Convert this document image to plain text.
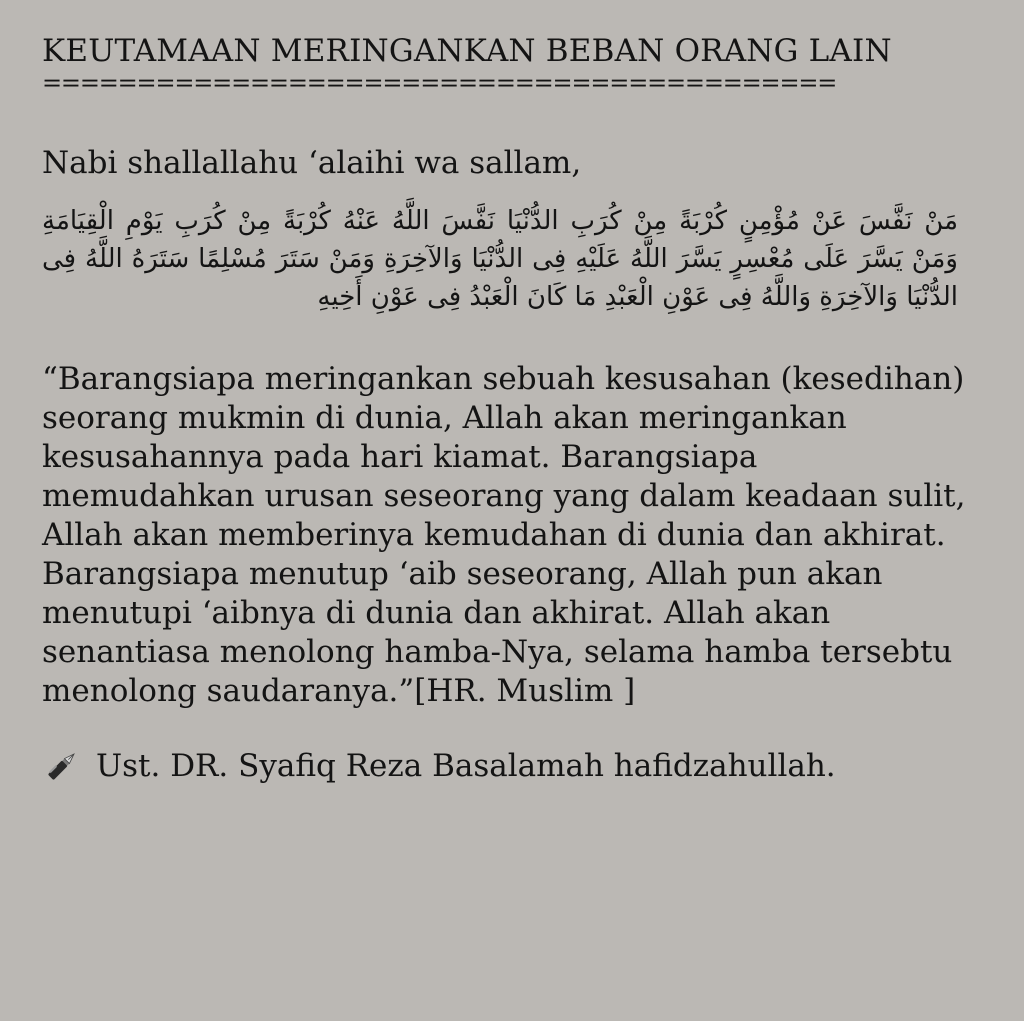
KEUTAMAAN MERINGANKAN BEBAN ORANG LAIN
==========================================
Nabi shallallahu ‘alaihi wa sallam,
مَنْ نَفَّسَ عَنْ مُؤْمِنٍ كُرْبَةً مِنْ كُرَبِ الدُّنْيَا نَفَّسَ اللَّهُ عَنْهُ كُرْبَةً مِنْ كُرَبِ يَوْمِ الْقِيَامَةِ وَمَنْ يَسَّرَ عَلَى مُعْسِرٍ يَسَّرَ اللَّهُ عَلَيْهِ فِى الدُّنْيَا وَالآخِرَةِ وَمَنْ سَتَرَ مُسْلِمًا سَتَرَهُ اللَّهُ فِى الدُّنْيَا وَالآخِرَةِ وَاللَّهُ فِى عَوْنِ الْعَبْدِ مَا كَانَ الْعَبْدُ فِى عَوْنِ أَخِيهِ
“Barangsiapa meringankan sebuah kesusahan (kesedihan) seorang mukmin di dunia, Allah akan meringankan kesusahannya pada hari kiamat. Barangsiapa memudahkan urusan seseorang yang dalam keadaan sulit, Allah akan memberinya kemudahan di dunia dan akhirat. Barangsiapa menutup ‘aib seseorang, Allah pun akan menutupi ‘aibnya di dunia dan akhirat. Allah akan senantiasa menolong hamba-Nya, selama hamba tersebtu menolong saudaranya.”[HR. Muslim ]
Ust. DR. Syafiq Reza Basalamah hafidzahullah.
